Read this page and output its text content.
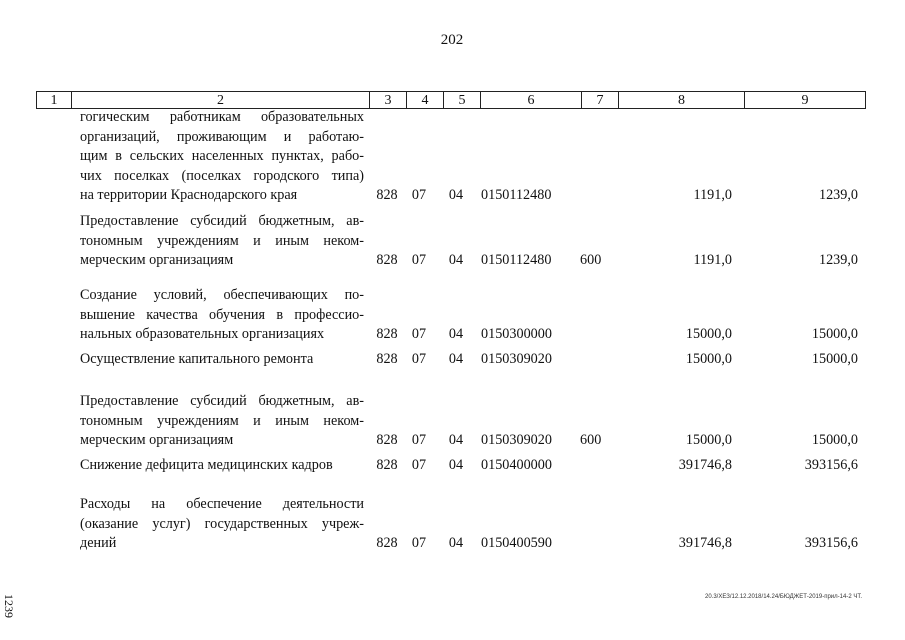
202
1	2	3	4	5	6	7	8	9
гогическим работникам образовательных
организаций, проживающим и работаю-
щим в сельских населенных пунктах, рабо-
чих поселках (поселках городского типа)
на территории Краснодарского края	828 07 04 0150112480	1191,0	1239,0
Предоставление субсидий бюджетным, ав-
тономным учреждениям и иным неком-
мерческим организациям	828 07 04 0150112480	600	1191,0	1239,0
Создание условий, обеспечивающих по-
вышение качества обучения в профессио-
нальных образовательных организациях	828 07 04 0150300000	15000,0	15000,0
Осуществление капитального ремонта	828 07 04 0150309020	15000,0	15000,0
Предоставление субсидий бюджетным, ав-
тономным учреждениям и иным неком-
мерческим организациям	828 07 04 0150309020	600	15000,0	15000,0
Снижение дефицита медицинских кадров	828 07 04 0150400000	391746,8	393156,6
Расходы на обеспечение деятельности
(оказание услуг) государственных учреж-
дений	828 07 04 0150400590	391746,8	393156,6
20.3/ХЕЗ/12.12.2018/14.24/БЮДЖЕТ-2019-прил-14-2 ЧТ.
1239
